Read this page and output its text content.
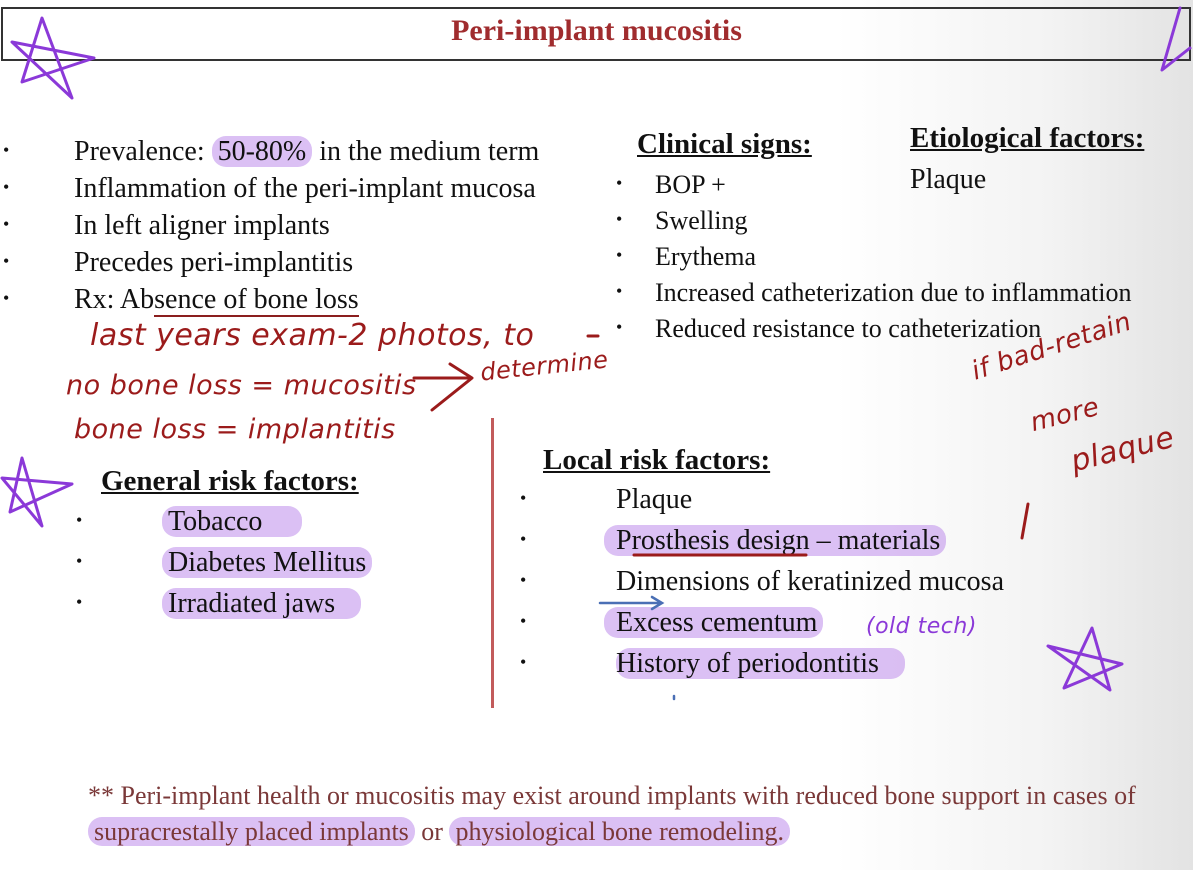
Peri-implant mucositis
• Prevalence: 50-80% in the medium term
• Inflammation of the peri-implant mucosa
• In left aligner implants
• Precedes peri-implantitis
• Rx: Absence of bone loss
Clinical signs:
• BOP +
• Swelling
• Erythema
• Increased catheterization due to inflammation
• Reduced resistance to catheterization
Etiological factors:
Plaque
last years exam-2 photos, to
no bone loss = mucositis
bone loss = implantitis
determine	if bad-retain
more
plaque
General risk factors:
•	Tobacco
•	Diabetes Mellitus
•	Irradiated jaws
Local risk factors:
•	Plaque
•	Prosthesis design – materials
•	Dimensions of keratinized mucosa
•	Excess cementum
•	History of periodontitis
(old tech)
** Peri-implant health or mucositis may exist around implants with reduced bone support in cases of supracrestally placed implants or physiological bone remodeling.
